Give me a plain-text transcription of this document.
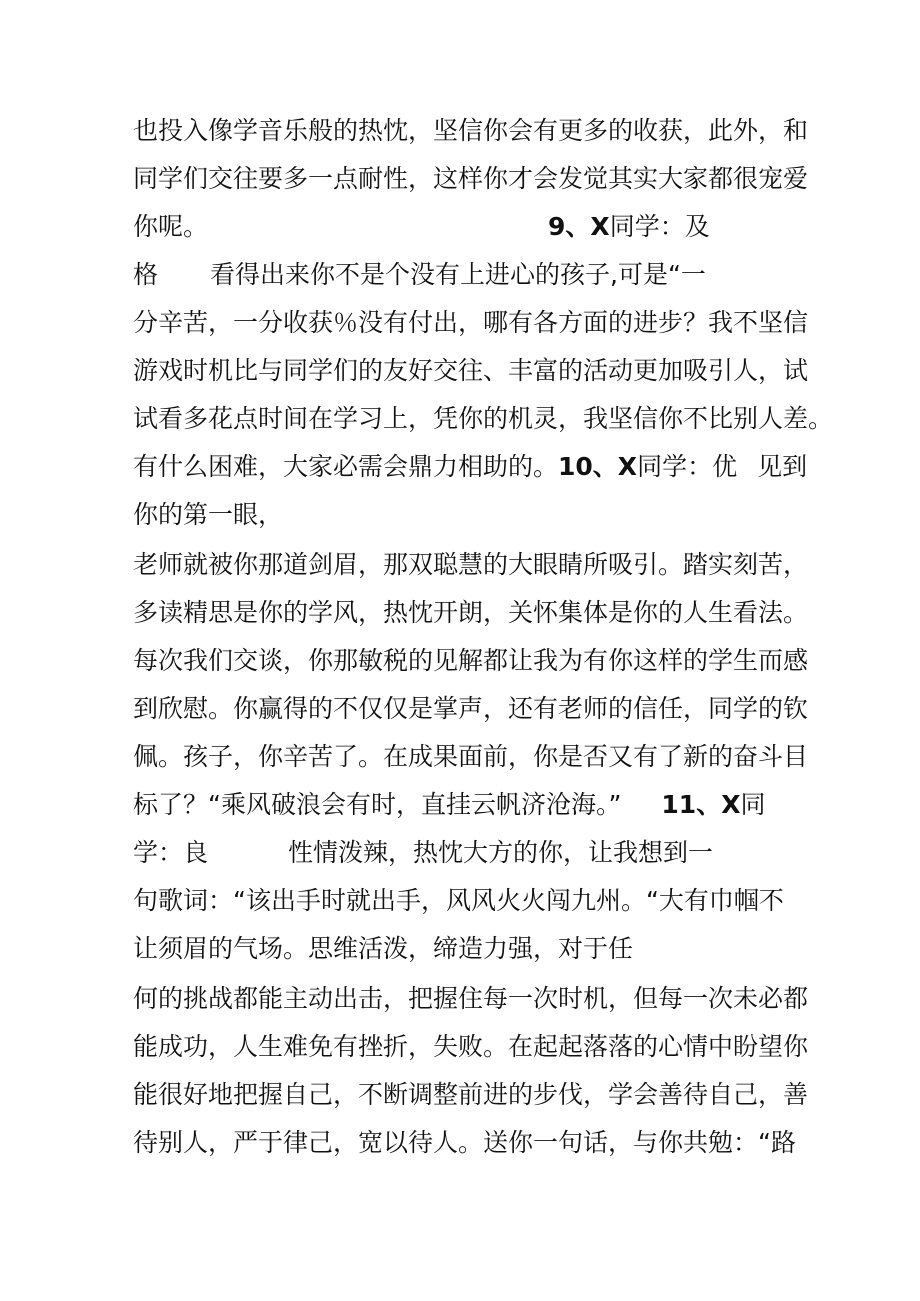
也投入像学音乐般的热忱，坚信你会有更多的收获，此外，和
同学们交往要多一点耐性，这样你才会发觉其实大家都很宠爱
你呢。	9、X同学：及
格 看得出来你不是个没有上进心的孩子,可是“一
分辛苦，一分收获％没有付出，哪有各方面的进步？我不坚信
游戏时机比与同学们的友好交往、丰富的活动更加吸引人，试
试看多花点时间在学习上，凭你的机灵，我坚信你不比别人差。
有什么困难，大家必需会鼎力相助的。10、X同学：优 见到
你的第一眼，
老师就被你那道剑眉，那双聪慧的大眼睛所吸引。踏实刻苦，
多读精思是你的学风，热忱开朗，关怀集体是你的人生看法。
每次我们交谈，你那敏税的见解都让我为有你这样的学生而感
到欣慰。你赢得的不仅仅是掌声，还有老师的信任，同学的钦
佩。孩子，你辛苦了。在成果面前，你是否又有了新的奋斗目
标了？“乘风破浪会有时，直挂云帆济沧海。” 11、X同
学：良	性情泼辣，热忱大方的你，让我想到一
句歌词：“该出手时就出手，风风火火闯九州。“大有巾帼不
让须眉的气场。思维活泼，缔造力强，对于任
何的挑战都能主动出击，把握住每一次时机，但每一次未必都
能成功，人生难免有挫折，失败。在起起落落的心情中盼望你
能很好地把握自己，不断调整前进的步伐，学会善待自己，善
待别人，严于律己，宽以待人。送你一句话，与你共勉：“路
